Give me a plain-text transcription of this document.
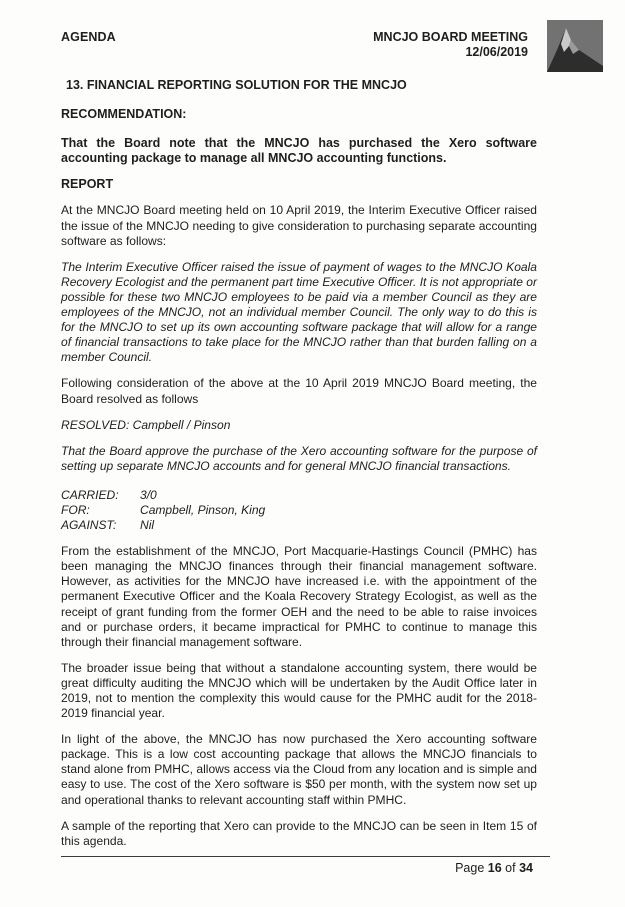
AGENDA	MNCJO BOARD MEETING
12/06/2019

13. FINANCIAL REPORTING SOLUTION FOR THE MNCJO

RECOMMENDATION:

That the Board note that the MNCJO has purchased the Xero software accounting package to manage all MNCJO accounting functions.

REPORT

At the MNCJO Board meeting held on 10 April 2019, the Interim Executive Officer raised the issue of the MNCJO needing to give consideration to purchasing separate accounting software as follows:

The Interim Executive Officer raised the issue of payment of wages to the MNCJO Koala Recovery Ecologist and the permanent part time Executive Officer. It is not appropriate or possible for these two MNCJO employees to be paid via a member Council as they are employees of the MNCJO, not an individual member Council. The only way to do this is for the MNCJO to set up its own accounting software package that will allow for a range of financial transactions to take place for the MNCJO rather than that burden falling on a member Council.

Following consideration of the above at the 10 April 2019 MNCJO Board meeting, the Board resolved as follows

RESOLVED: Campbell / Pinson

That the Board approve the purchase of the Xero accounting software for the purpose of setting up separate MNCJO accounts and for general MNCJO financial transactions.

CARRIED:	3/0
FOR:	Campbell, Pinson, King
AGAINST:	Nil

From the establishment of the MNCJO, Port Macquarie-Hastings Council (PMHC) has been managing the MNCJO finances through their financial management software. However, as activities for the MNCJO have increased i.e. with the appointment of the permanent Executive Officer and the Koala Recovery Strategy Ecologist, as well as the receipt of grant funding from the former OEH and the need to be able to raise invoices and or purchase orders, it became impractical for PMHC to continue to manage this through their financial management software.

The broader issue being that without a standalone accounting system, there would be great difficulty auditing the MNCJO which will be undertaken by the Audit Office later in 2019, not to mention the complexity this would cause for the PMHC audit for the 2018-2019 financial year.

In light of the above, the MNCJO has now purchased the Xero accounting software package. This is a low cost accounting package that allows the MNCJO financials to stand alone from PMHC, allows access via the Cloud from any location and is simple and easy to use. The cost of the Xero software is $50 per month, with the system now set up and operational thanks to relevant accounting staff within PMHC.

A sample of the reporting that Xero can provide to the MNCJO can be seen in Item 15 of this agenda.

Page 16 of 34
